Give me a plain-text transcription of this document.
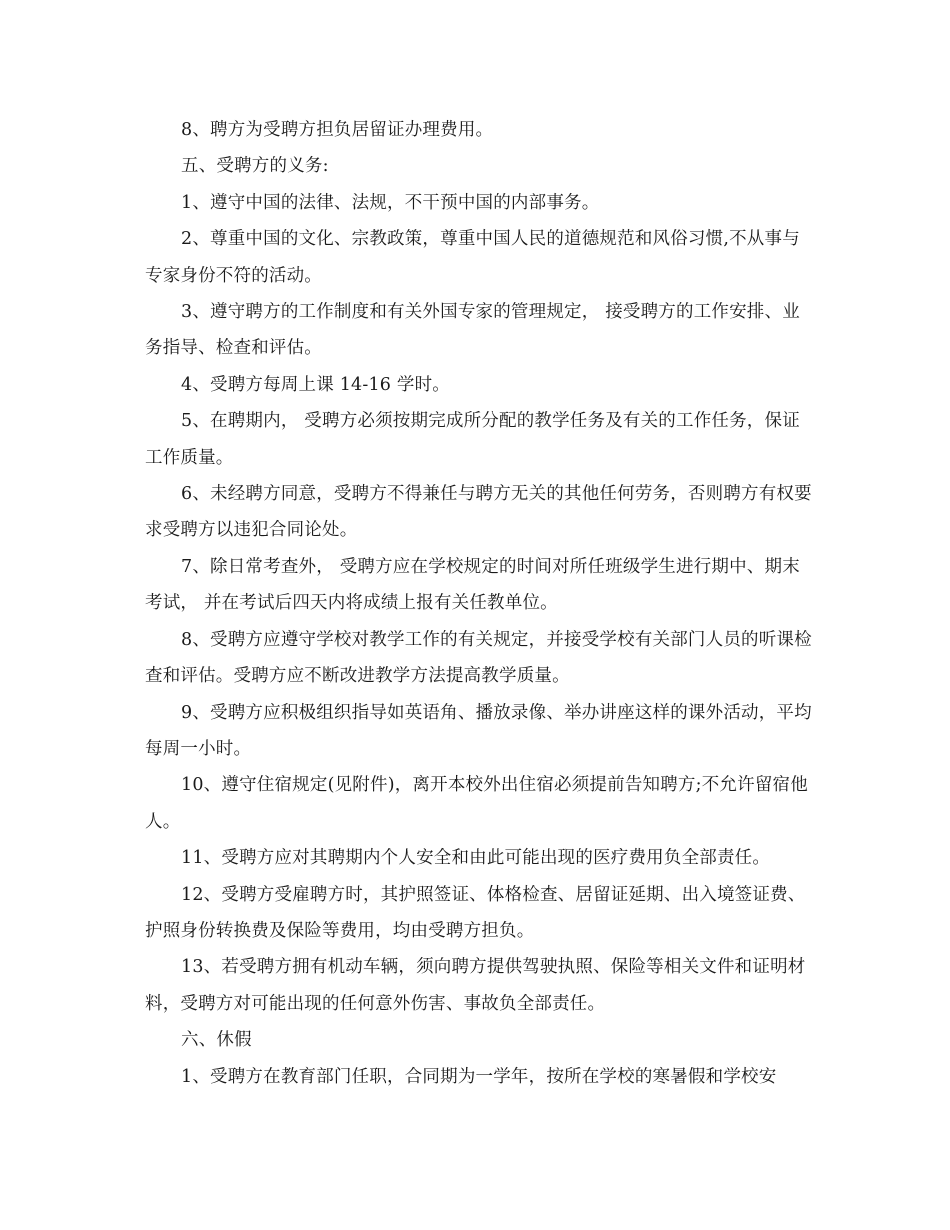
8、聘方为受聘方担负居留证办理费用。

五、受聘方的义务:

1、遵守中国的法律、法规，不干预中国的内部事务。

2、尊重中国的文化、宗教政策，尊重中国人民的道德规范和风俗习惯,不从事与专家身份不符的活动。

3、遵守聘方的工作制度和有关外国专家的管理规定， 接受聘方的工作安排、业务指导、检查和评估。

4、受聘方每周上课 14-16 学时。

5、在聘期内， 受聘方必须按期完成所分配的教学任务及有关的工作任务，保证工作质量。

6、未经聘方同意，受聘方不得兼任与聘方无关的其他任何劳务，否则聘方有权要求受聘方以违犯合同论处。

7、除日常考查外， 受聘方应在学校规定的时间对所任班级学生进行期中、期末考试， 并在考试后四天内将成绩上报有关任教单位。

8、受聘方应遵守学校对教学工作的有关规定，并接受学校有关部门人员的听课检查和评估。受聘方应不断改进教学方法提高教学质量。

9、受聘方应积极组织指导如英语角、播放录像、举办讲座这样的课外活动，平均每周一小时。

10、遵守住宿规定(见附件)，离开本校外出住宿必须提前告知聘方;不允许留宿他人。

11、受聘方应对其聘期内个人安全和由此可能出现的医疗费用负全部责任。

12、受聘方受雇聘方时，其护照签证、体格检查、居留证延期、出入境签证费、护照身份转换费及保险等费用，均由受聘方担负。

13、若受聘方拥有机动车辆，须向聘方提供驾驶执照、保险等相关文件和证明材料，受聘方对可能出现的任何意外伤害、事故负全部责任。

六、休假

1、受聘方在教育部门任职，合同期为一学年，按所在学校的寒暑假和学校安
